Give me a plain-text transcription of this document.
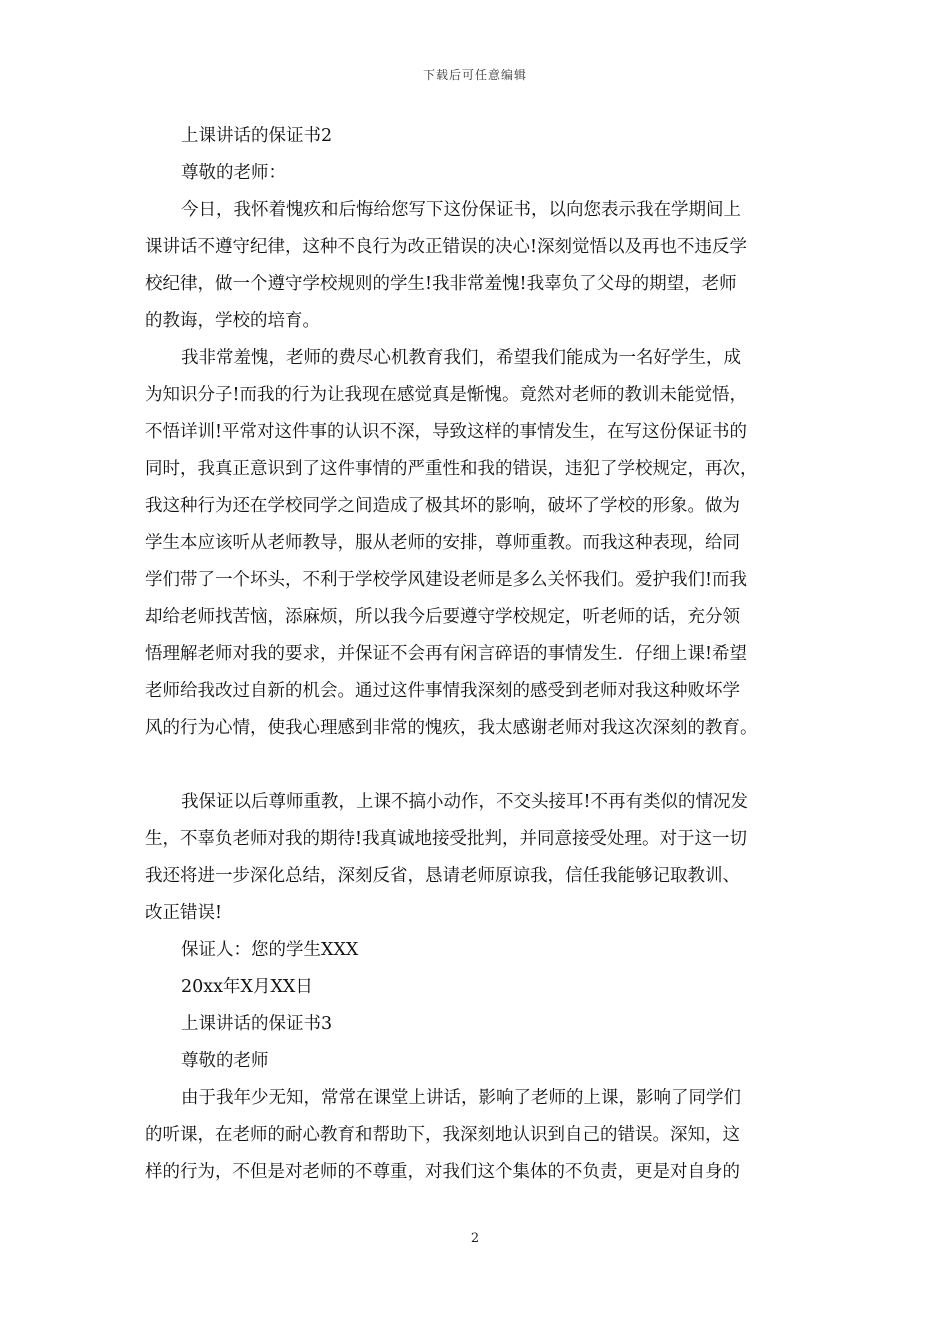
下载后可任意编辑
上课讲话的保证书2
尊敬的老师：
今日，我怀着愧疚和后悔给您写下这份保证书，以向您表示我在学期间上
课讲话不遵守纪律，这种不良行为改正错误的决心!深刻觉悟以及再也不违反学
校纪律，做一个遵守学校规则的学生!我非常羞愧!我辜负了父母的期望，老师
的教诲，学校的培育。
我非常羞愧，老师的费尽心机教育我们，希望我们能成为一名好学生，成
为知识分子!而我的行为让我现在感觉真是惭愧。竟然对老师的教训未能觉悟，
不悟详训!平常对这件事的认识不深，导致这样的事情发生，在写这份保证书的
同时，我真正意识到了这件事情的严重性和我的错误，违犯了学校规定，再次，
我这种行为还在学校同学之间造成了极其坏的影响，破坏了学校的形象。做为
学生本应该听从老师教导，服从老师的安排，尊师重教。而我这种表现，给同
学们带了一个坏头，不利于学校学风建设老师是多么关怀我们。爱护我们!而我
却给老师找苦恼，添麻烦，所以我今后要遵守学校规定，听老师的话，充分领
悟理解老师对我的要求，并保证不会再有闲言碎语的事情发生．仔细上课!希望
老师给我改过自新的机会。通过这件事情我深刻的感受到老师对我这种败坏学
风的行为心情，使我心理感到非常的愧疚，我太感谢老师对我这次深刻的教育。
我保证以后尊师重教，上课不搞小动作，不交头接耳!不再有类似的情况发
生，不辜负老师对我的期待!我真诚地接受批判，并同意接受处理。对于这一切
我还将进一步深化总结，深刻反省，恳请老师原谅我，信任我能够记取教训、
改正错误!
保证人：您的学生XXX
20xx年X月XX日
上课讲话的保证书3
尊敬的老师
由于我年少无知，常常在课堂上讲话，影响了老师的上课，影响了同学们
的听课，在老师的耐心教育和帮助下，我深刻地认识到自己的错误。深知，这
样的行为，不但是对老师的不尊重，对我们这个集体的不负责，更是对自身的
2
